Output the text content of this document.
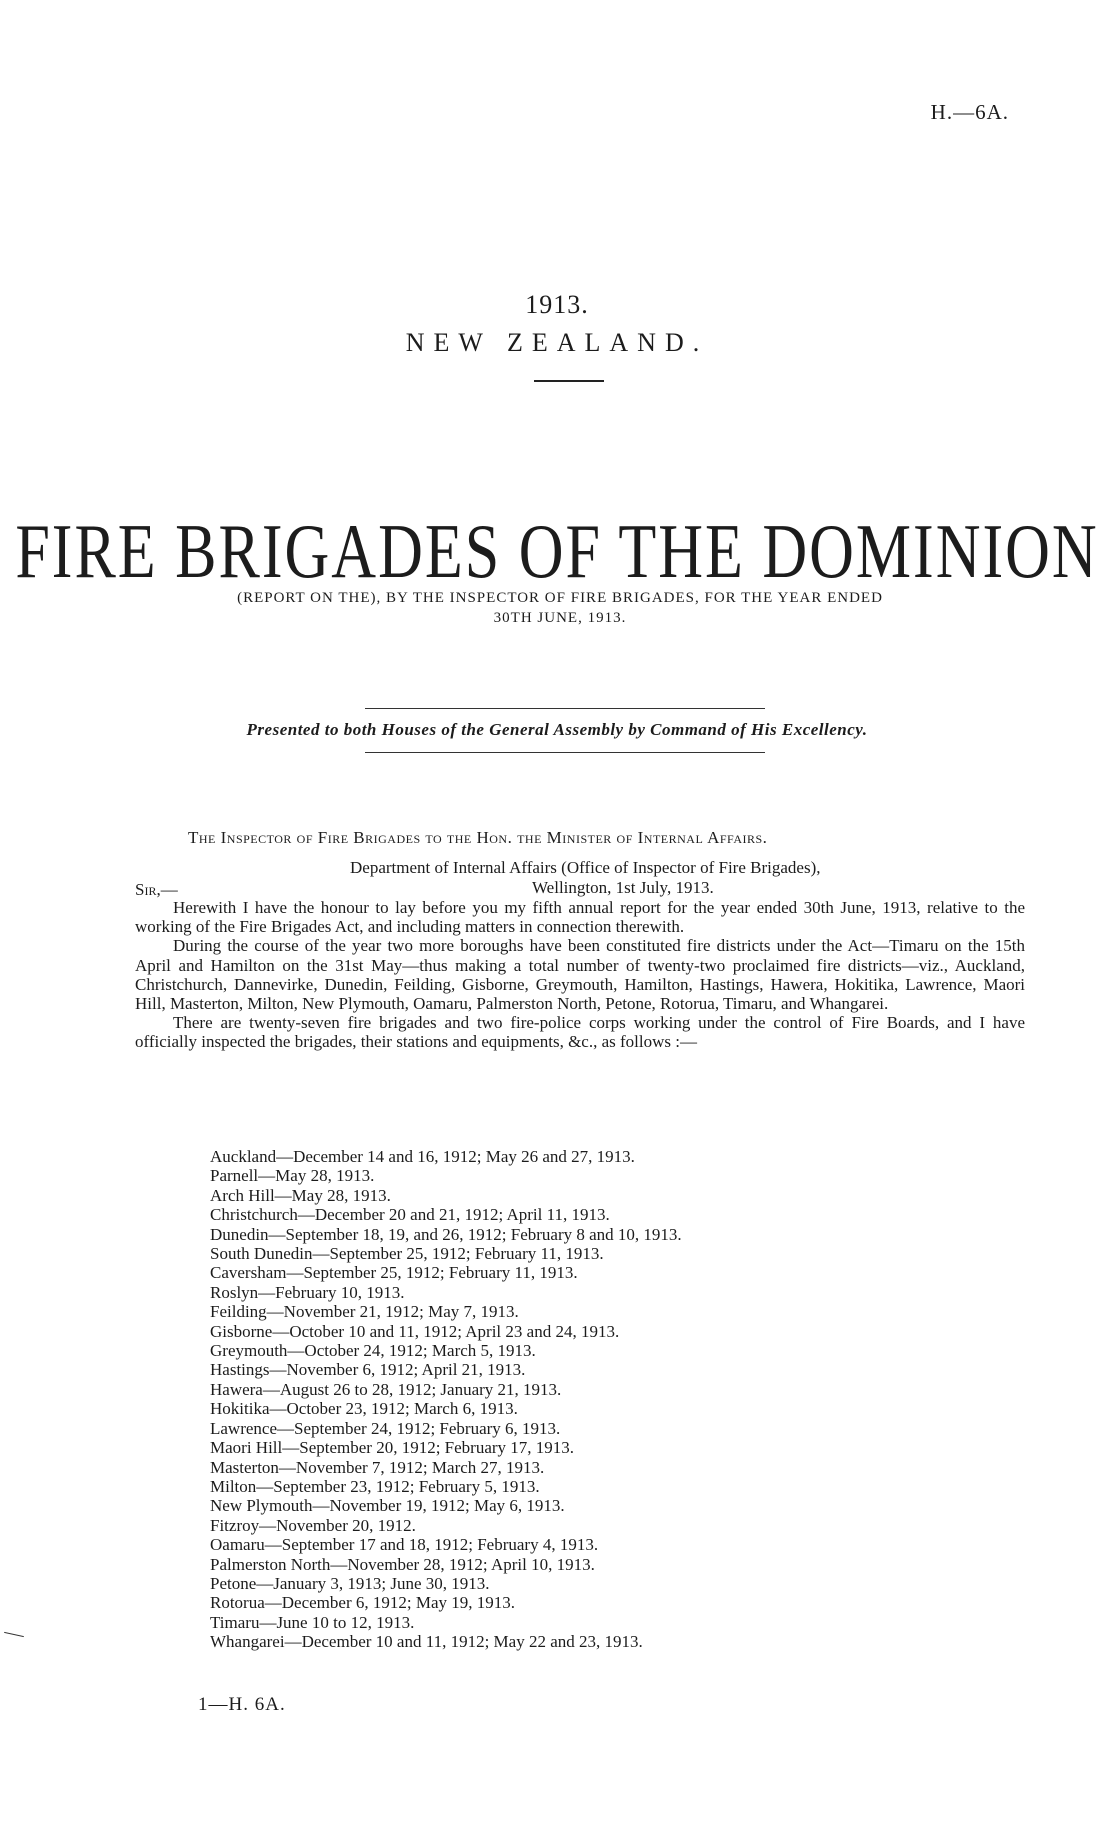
H.—6A.
1913.
NEW ZEALAND.
FIRE BRIGADES OF THE DOMINION
(REPORT ON THE), BY THE INSPECTOR OF FIRE BRIGADES, FOR THE YEAR ENDED
30TH JUNE, 1913.
Presented to both Houses of the General Assembly by Command of His Excellency.
The Inspector of Fire Brigades to the Hon. the Minister of Internal Affairs.
Department of Internal Affairs (Office of Inspector of Fire Brigades),
Wellington, 1st July, 1913.
Sir,—

Herewith I have the honour to lay before you my fifth annual report for the year ended 30th June, 1913, relative to the working of the Fire Brigades Act, and including matters in connection therewith.

During the course of the year two more boroughs have been constituted fire districts under the Act—Timaru on the 15th April and Hamilton on the 31st May—thus making a total number of twenty-two proclaimed fire districts—viz., Auckland, Christchurch, Dannevirke, Dunedin, Feilding, Gisborne, Greymouth, Hamilton, Hastings, Hawera, Hokitika, Lawrence, Maori Hill, Masterton, Milton, New Plymouth, Oamaru, Palmerston North, Petone, Rotorua, Timaru, and Whangarei.

There are twenty-seven fire brigades and two fire-police corps working under the control of Fire Boards, and I have officially inspected the brigades, their stations and equipments, &c., as follows :—

Auckland—December 14 and 16, 1912; May 26 and 27, 1913.
Parnell—May 28, 1913.
Arch Hill—May 28, 1913.
Christchurch—December 20 and 21, 1912; April 11, 1913.
Dunedin—September 18, 19, and 26, 1912; February 8 and 10, 1913.
South Dunedin—September 25, 1912; February 11, 1913.
Caversham—September 25, 1912; February 11, 1913.
Roslyn—February 10, 1913.
Feilding—November 21, 1912; May 7, 1913.
Gisborne—October 10 and 11, 1912; April 23 and 24, 1913.
Greymouth—October 24, 1912; March 5, 1913.
Hastings—November 6, 1912; April 21, 1913.
Hawera—August 26 to 28, 1912; January 21, 1913.
Hokitika—October 23, 1912; March 6, 1913.
Lawrence—September 24, 1912; February 6, 1913.
Maori Hill—September 20, 1912; February 17, 1913.
Masterton—November 7, 1912; March 27, 1913.
Milton—September 23, 1912; February 5, 1913.
New Plymouth—November 19, 1912; May 6, 1913.
Fitzroy—November 20, 1912.
Oamaru—September 17 and 18, 1912; February 4, 1913.
Palmerston North—November 28, 1912; April 10, 1913.
Petone—January 3, 1913; June 30, 1913.
Rotorua—December 6, 1912; May 19, 1913.
Timaru—June 10 to 12, 1913.
Whangarei—December 10 and 11, 1912; May 22 and 23, 1913.
1—H. 6A.
